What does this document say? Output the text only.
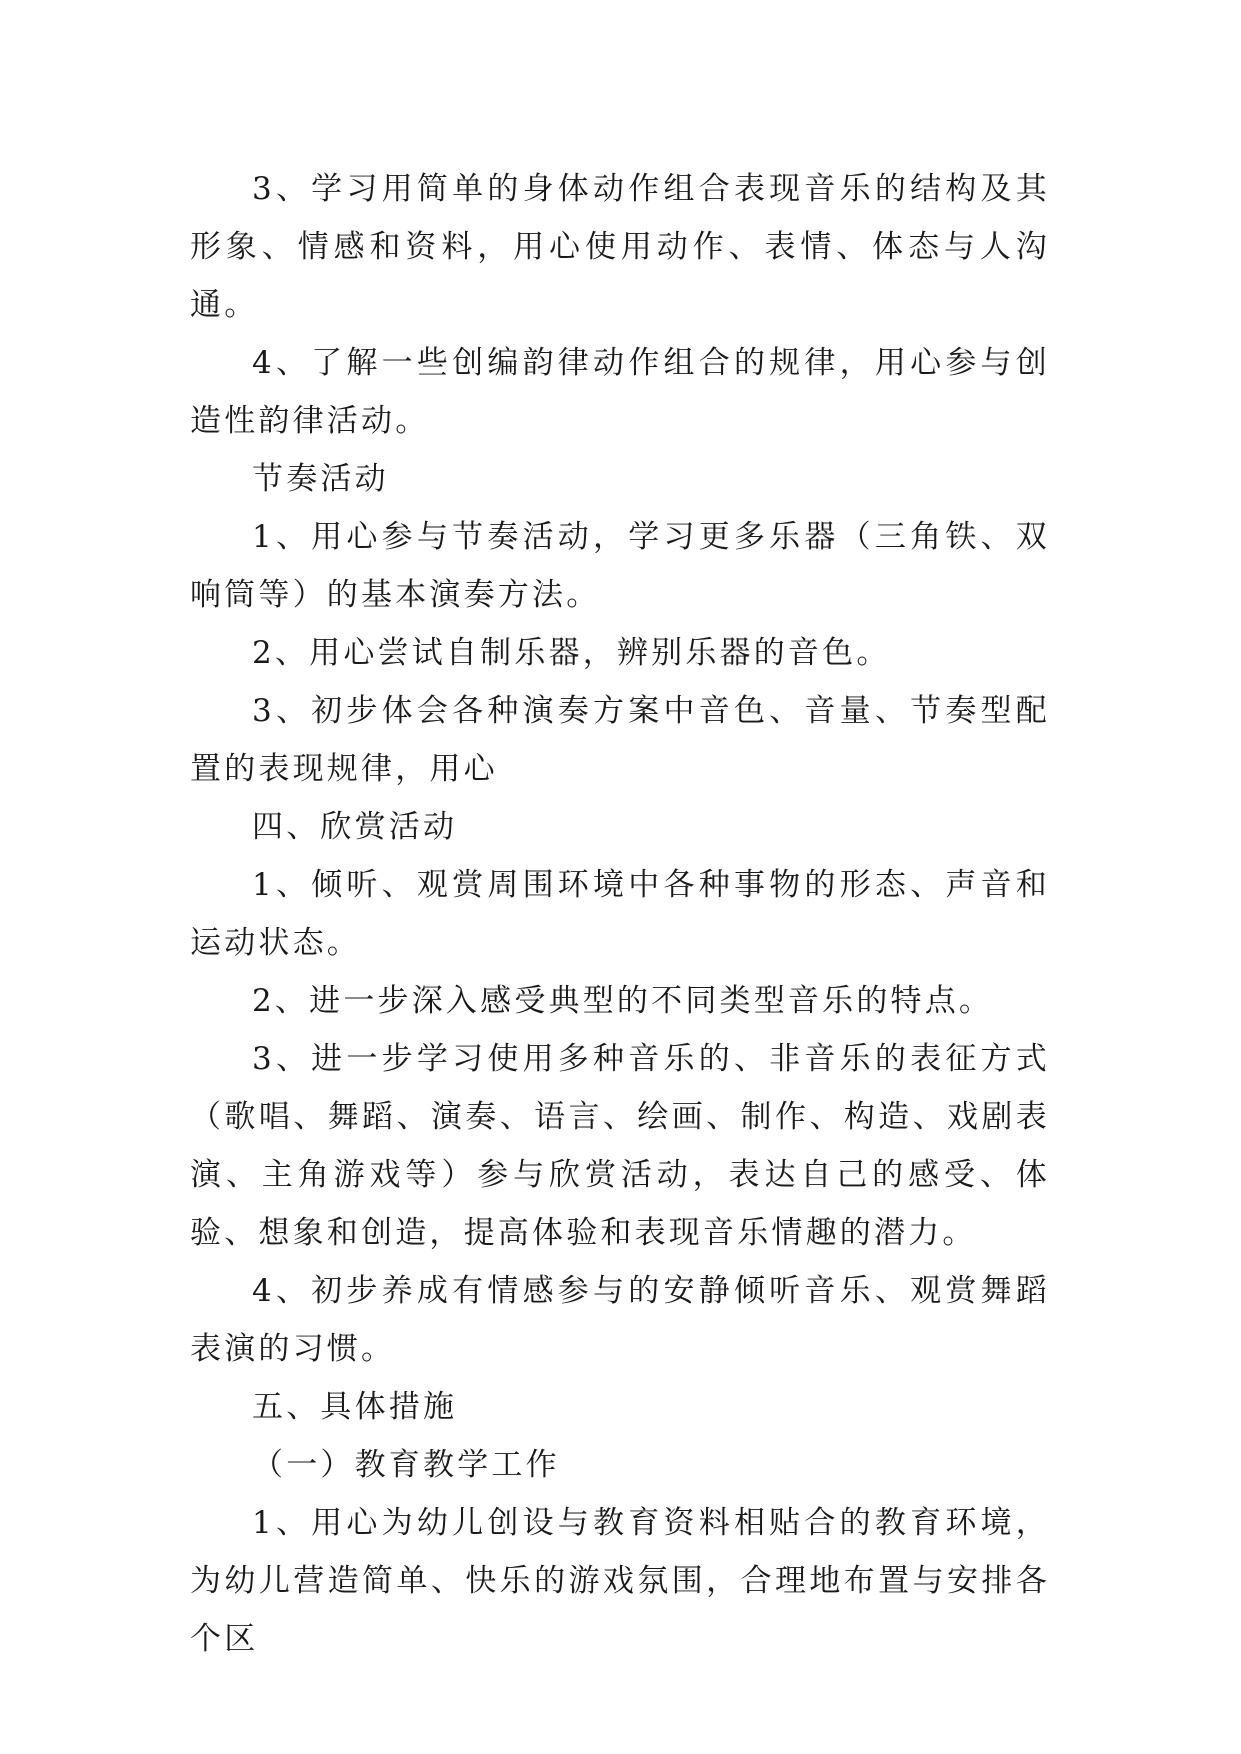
3、学习用简单的身体动作组合表现音乐的结构及其形象、情感和资料，用心使用动作、表情、体态与人沟通。

4、了解一些创编韵律动作组合的规律，用心参与创造性韵律活动。

节奏活动

1、用心参与节奏活动，学习更多乐器（三角铁、双响筒等）的基本演奏方法。

2、用心尝试自制乐器，辨别乐器的音色。

3、初步体会各种演奏方案中音色、音量、节奏型配置的表现规律，用心

四、欣赏活动

1、倾听、观赏周围环境中各种事物的形态、声音和运动状态。

2、进一步深入感受典型的不同类型音乐的特点。

3、进一步学习使用多种音乐的、非音乐的表征方式（歌唱、舞蹈、演奏、语言、绘画、制作、构造、戏剧表演、主角游戏等）参与欣赏活动，表达自己的感受、体验、想象和创造，提高体验和表现音乐情趣的潜力。

4、初步养成有情感参与的安静倾听音乐、观赏舞蹈表演的习惯。

五、具体措施

（一）教育教学工作

1、用心为幼儿创设与教育资料相贴合的教育环境，为幼儿营造简单、快乐的游戏氛围，合理地布置与安排各个区
